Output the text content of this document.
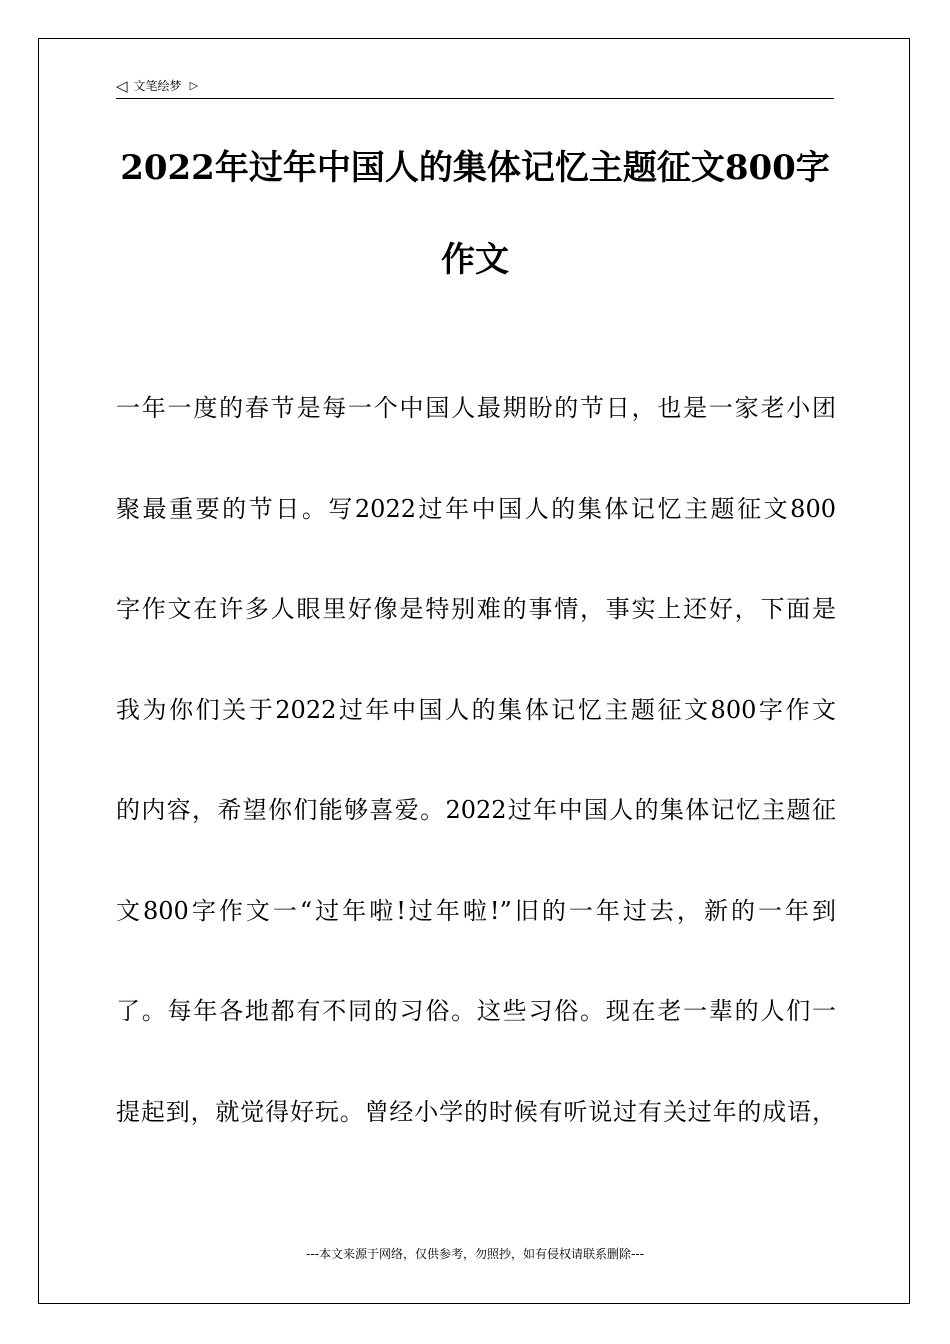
◁ 文笔绘梦 ▷
2022年过年中国人的集体记忆主题征文800字
作文
一年一度的春节是每一个中国人最期盼的节日，也是一家老小团
聚最重要的节日。写2022过年中国人的集体记忆主题征文800
字作文在许多人眼里好像是特别难的事情，事实上还好，下面是
我为你们关于2022过年中国人的集体记忆主题征文800字作文
的内容，希望你们能够喜爱。2022过年中国人的集体记忆主题征
文800字作文一“过年啦!过年啦!”旧的一年过去，新的一年到
了。每年各地都有不同的习俗。这些习俗。现在老一辈的人们一
提起到，就觉得好玩。曾经小学的时候有听说过有关过年的成语，
---本文来源于网络，仅供参考，勿照抄，如有侵权请联系删除---
